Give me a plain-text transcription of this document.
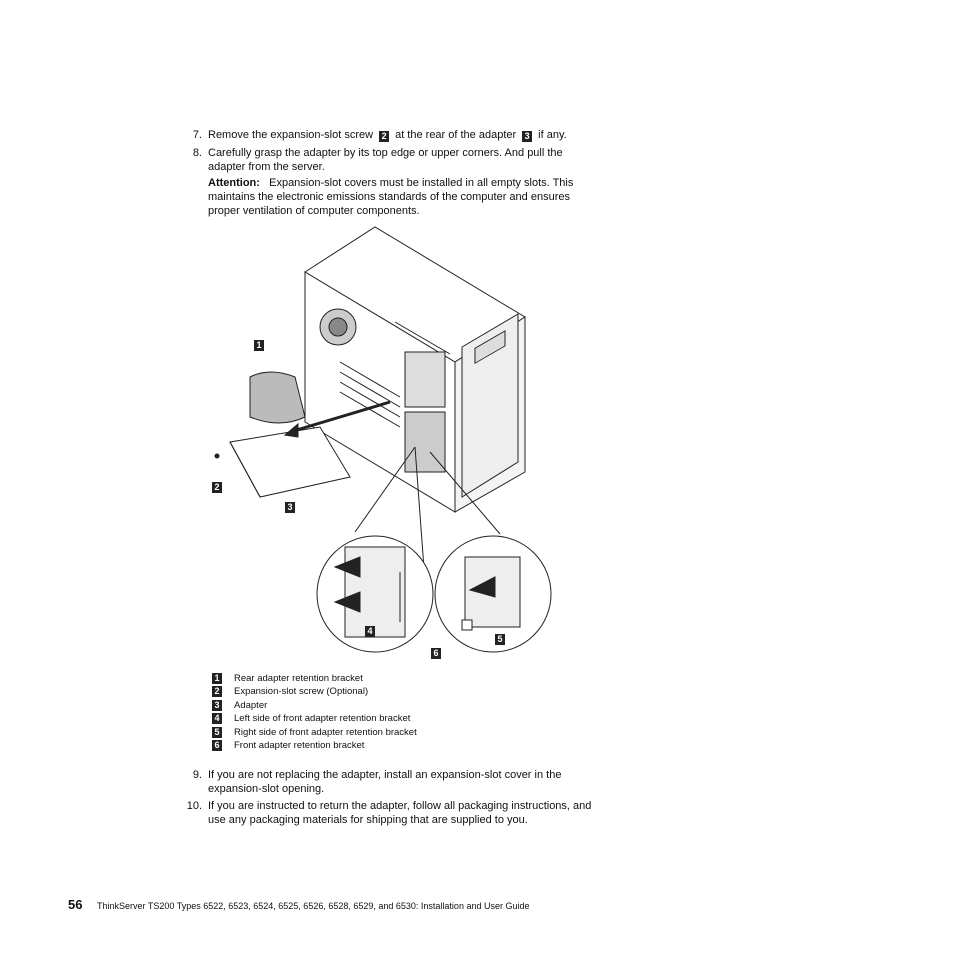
7. Remove the expansion-slot screw 2 at the rear of the adapter 3 if any.
8. Carefully grasp the adapter by its top edge or upper corners. And pull the
adapter from the server.
Attention: Expansion-slot covers must be installed in all empty slots. This
maintains the electronic emissions standards of the computer and ensures
proper ventilation of computer components.
1
2
3
4
5
6
1 Rear adapter retention bracket
2 Expansion-slot screw (Optional)
3 Adapter
4 Left side of front adapter retention bracket
5 Right side of front adapter retention bracket
6 Front adapter retention bracket
9. If you are not replacing the adapter, install an expansion-slot cover in the
expansion-slot opening.
10. If you are instructed to return the adapter, follow all packaging instructions, and
use any packaging materials for shipping that are supplied to you.
56 ThinkServer TS200 Types 6522, 6523, 6524, 6525, 6526, 6528, 6529, and 6530: Installation and User Guide
